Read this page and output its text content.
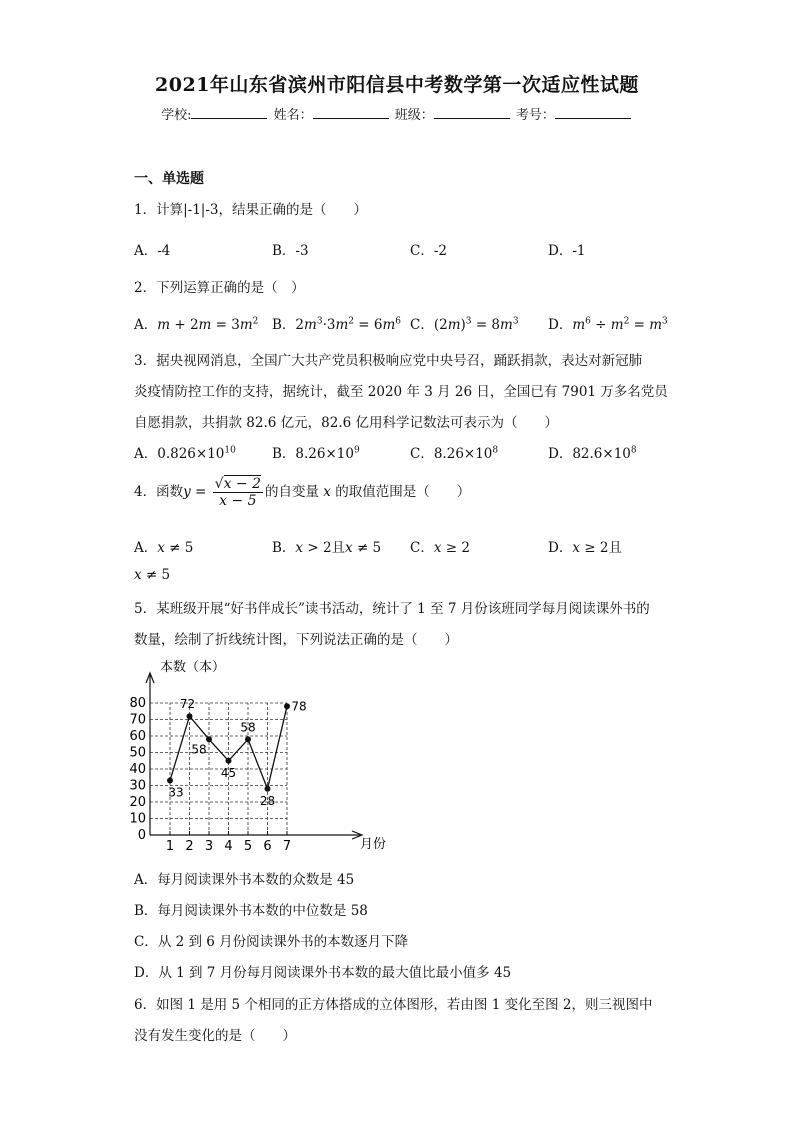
2021年山东省滨州市阳信县中考数学第一次适应性试题
学校:	姓名：	班级：	考号：
一、单选题
1．计算|-1|-3，结果正确的是（　　）
A．-4	B．-3	C．-2	D．-1
2．下列运算正确的是（　）
A．$m + 2m = 3m^2$ B．$2m^3\cdot 3m^2 = 6m^6$ C．$(2m)^3 = 8m^3$ D．$m^6 \div m^2 = m^3$
3．据央视网消息，全国广大共产党员积极响应党中央号召，踊跃捐款，表达对新冠肺
炎疫情防控工作的支持，据统计，截至 2020 年 3 月 26 日，全国已有 7901 万多名党员
自愿捐款，共捐款 82.6 亿元，82.6 亿用科学记数法可表示为（　　）
A．$0.826\times 10^{10}$	B．$8.26\times 10^9$	C．$8.26\times 10^8$	D．$82.6\times 10^8$
4．函数$y = \frac{√x - 2}{x - 5}$ 的自变量 x 的取值范围是（　　）
A．x ≠ 5	B．x > 2且x ≠ 5 C．x ≥ 2	D．x ≥ 2且
x ≠ 5
5．某班级开展“好书伴成长”读书活动，统计了 1 至 7 月份该班同学每月阅读课外书的
数量，绘制了折线统计图，下列说法正确的是（　　）
0
10
20
30
40
50
60
70
80
1 2 3 4 5 6 7
本数（本）
月份
33
72
58
45
58
28
78
A．每月阅读课外书本数的众数是 45
B．每月阅读课外书本数的中位数是 58
C．从 2 到 6 月份阅读课外书的本数逐月下降
D．从 1 到 7 月份每月阅读课外书本数的最大值比最小值多 45
6．如图 1 是用 5 个相同的正方体搭成的立体图形，若由图 1 变化至图 2，则三视图中
没有发生变化的是（　　）
